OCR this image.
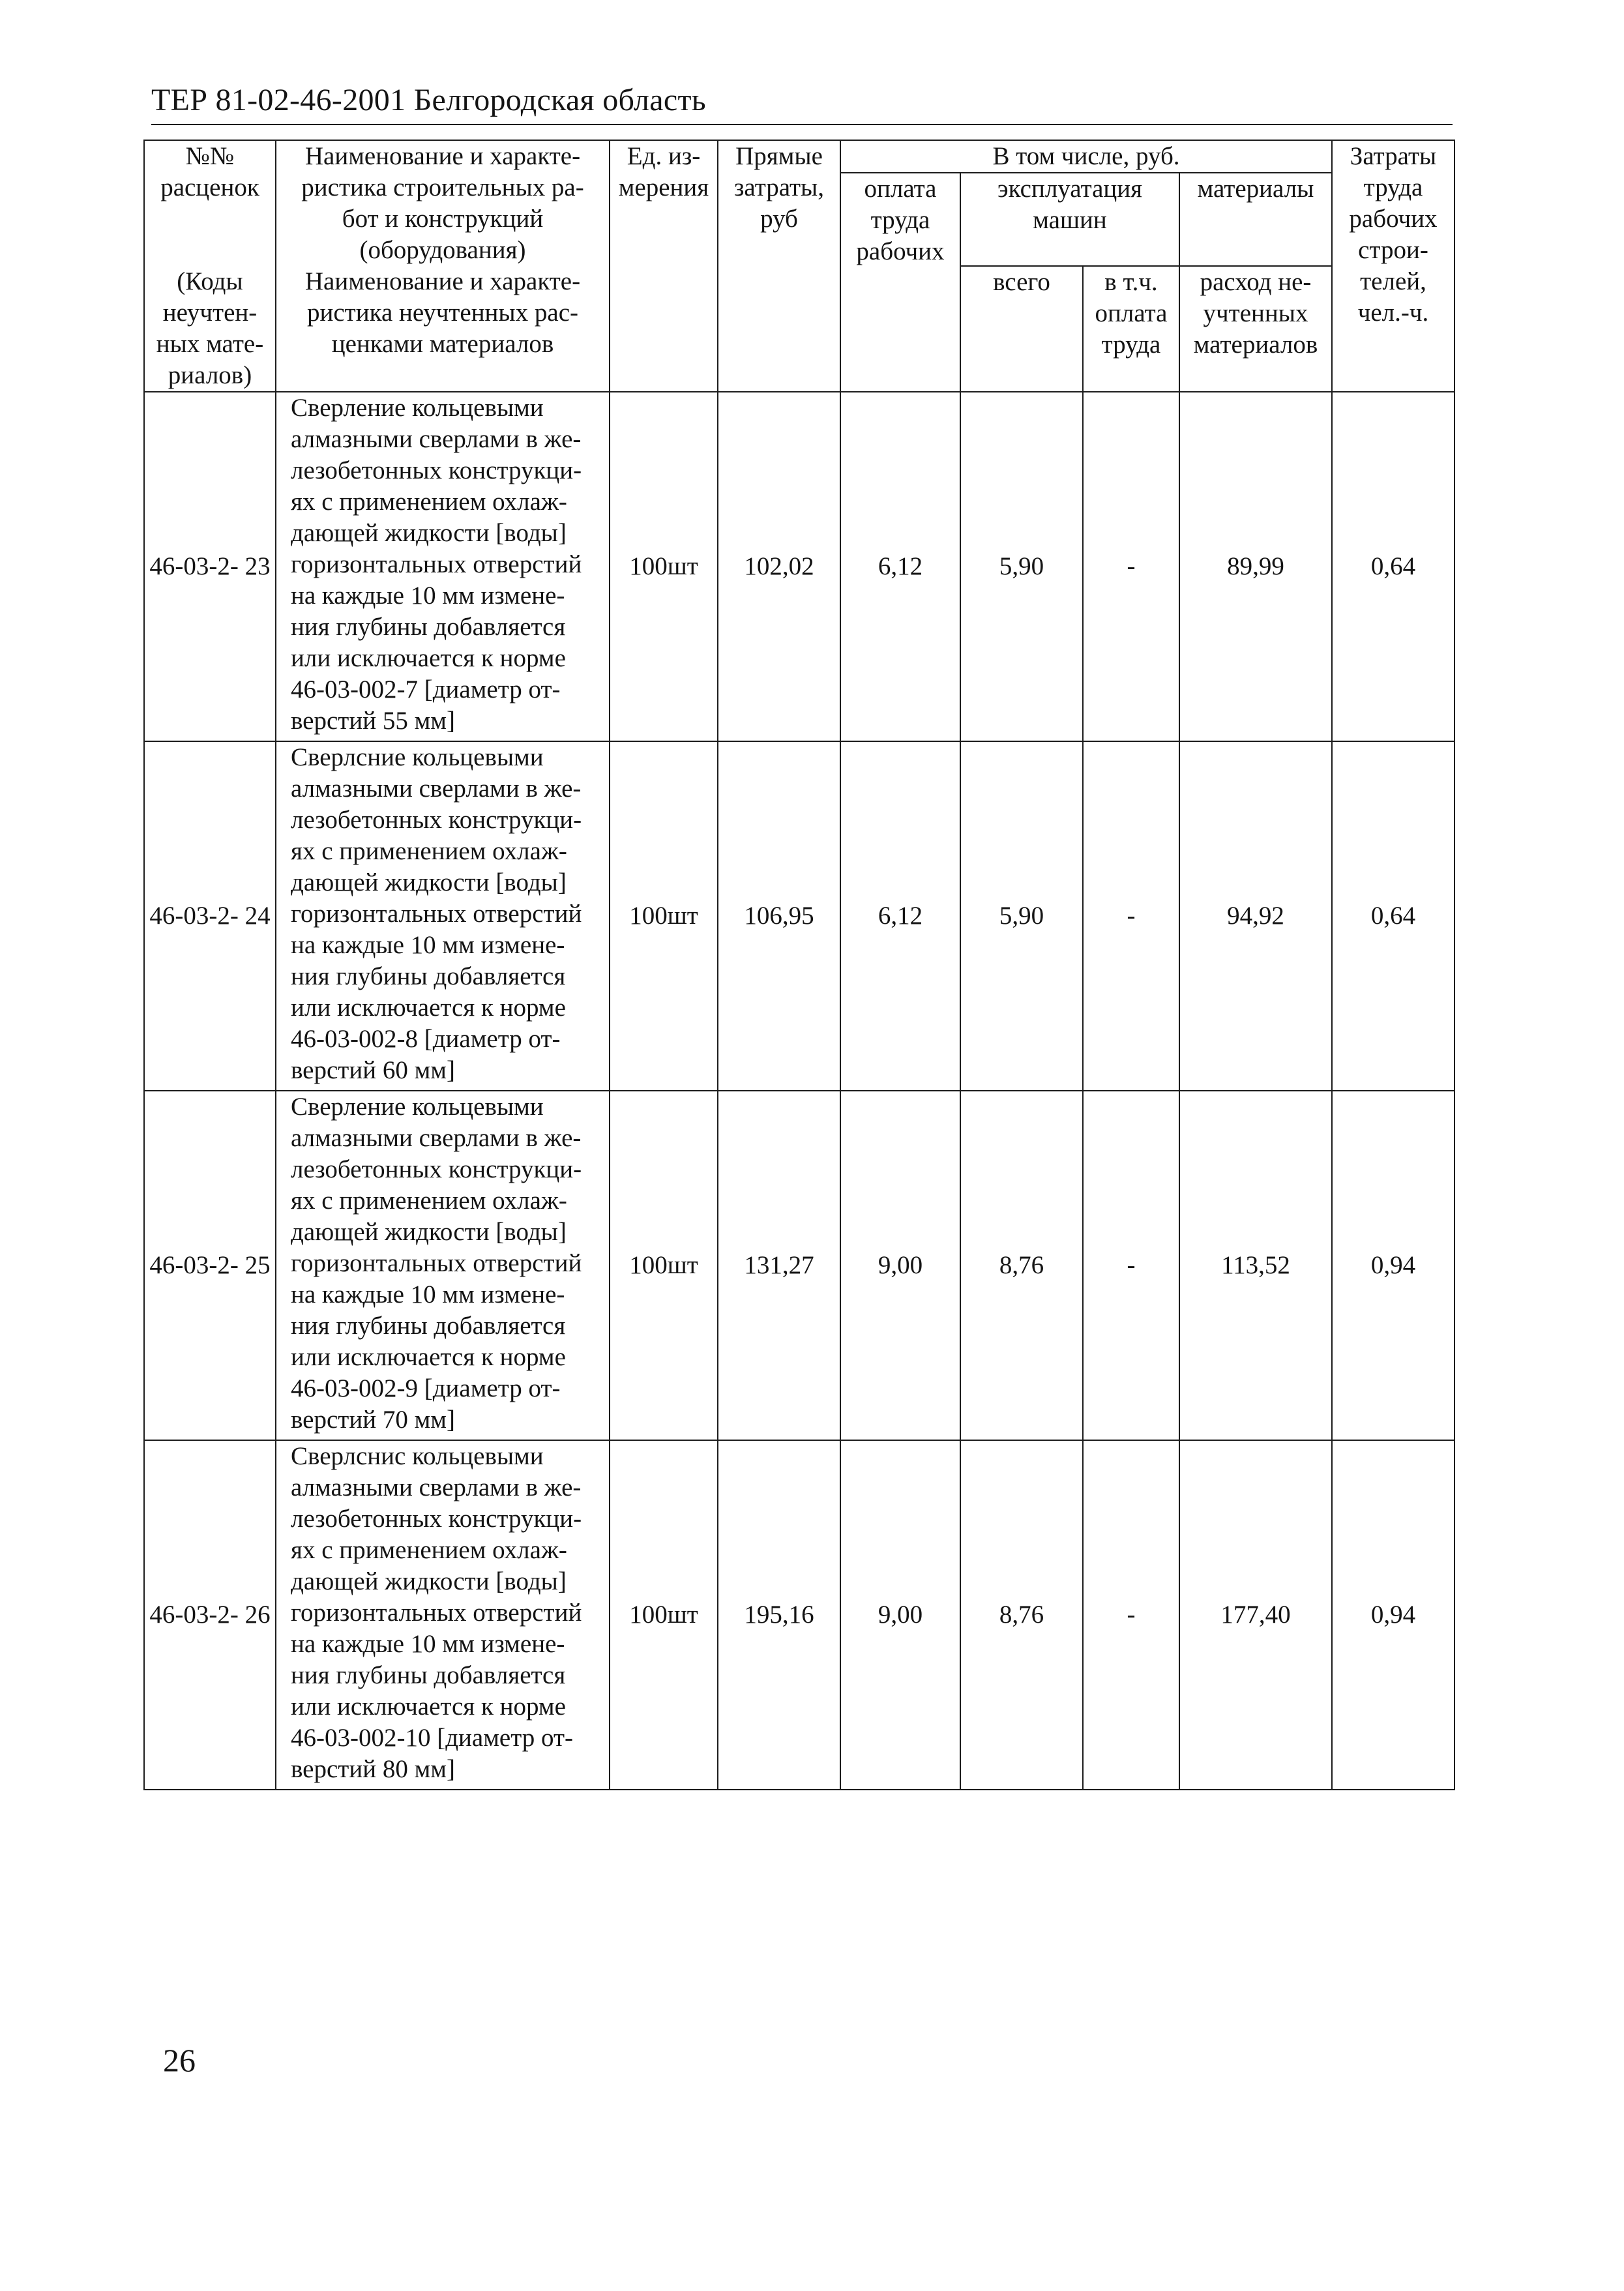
ТЕР 81-02-46-2001 Белгородская область
№№ расценок	Наименование и характе- ристика строительных ра- бот и конструкций (оборудования)	Ед. из- мерения	Прямые затраты, руб	В том числе, руб.				Затраты труда рабочих строи- телей, чел.-ч.
				оплата труда рабочих	эксплуатация машин		материалы	
(Коды неучтен- ных мате- риалов)	Наименование и характе- ристика неучтенных рас- ценками материалов				всего	в т.ч. оплата труда	расход не- учтенных материалов	

46-03-2- 23	Сверление кольцевыми алмазными сверлами в же- лезобетонных конструкци- ях с применением охлаж- дающей жидкости [воды] горизонтальных отверстий на каждые 10 мм измене- ния глубины добавляется или исключается к норме 46-03-002-7 [диаметр от- верстий 55 мм]	100шт	102,02	6,12	5,90	-	89,99	0,64
46-03-2- 24	Сверлсние кольцевыми алмазными сверлами в же- лезобетонных конструкци- ях с применением охлаж- дающей жидкости [воды] горизонтальных отверстий на каждые 10 мм измене- ния глубины добавляется или исключается к норме 46-03-002-8 [диаметр от- верстий 60 мм]	100шт	106,95	6,12	5,90	-	94,92	0,64
46-03-2- 25	Сверление кольцевыми алмазными сверлами в же- лезобетонных конструкци- ях с применением охлаж- дающей жидкости [воды] горизонтальных отверстий на каждые 10 мм измене- ния глубины добавляется или исключается к норме 46-03-002-9 [диаметр от- верстий 70 мм]	100шт	131,27	9,00	8,76	-	113,52	0,94
46-03-2- 26	Сверлснис кольцевыми алмазными сверлами в же- лезобетонных конструкци- ях с применением охлаж- дающей жидкости [воды] горизонтальных отверстий на каждые 10 мм измене- ния глубины добавляется или исключается к норме 46-03-002-10 [диаметр от- верстий 80 мм]	100шт	195,16	9,00	8,76	-	177,40	0,94
26
